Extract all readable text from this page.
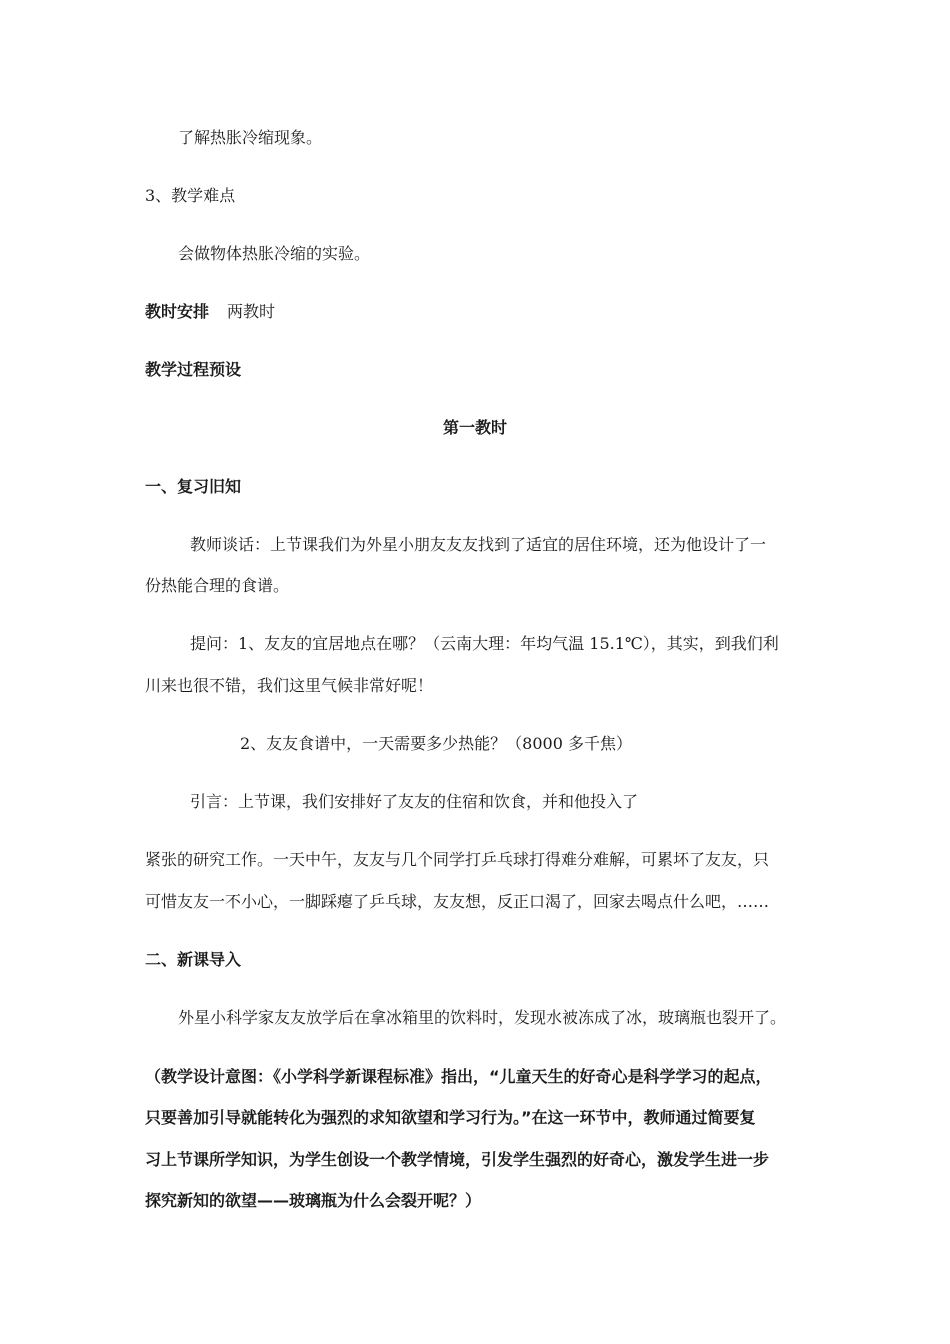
了解热胀冷缩现象。
3、教学难点
会做物体热胀冷缩的实验。
教时安排 两教时
教学过程预设
第一教时
一、复习旧知
教师谈话：上节课我们为外星小朋友友友找到了适宜的居住环境，还为他设计了一
份热能合理的食谱。
提问：1、友友的宜居地点在哪？（云南大理：年均气温 15.1℃），其实，到我们利
川来也很不错，我们这里气候非常好呢！
2、友友食谱中，一天需要多少热能？（8000 多千焦）
引言：上节课，我们安排好了友友的住宿和饮食，并和他投入了
紧张的研究工作。一天中午，友友与几个同学打乒乓球打得难分难解，可累坏了友友，只
可惜友友一不小心，一脚踩瘪了乒乓球，友友想，反正口渴了，回家去喝点什么吧，……
二、新课导入
外星小科学家友友放学后在拿冰箱里的饮料时，发现水被冻成了冰，玻璃瓶也裂开了。
（教学设计意图：《小学科学新课程标准》指出，“儿童天生的好奇心是科学学习的起点，
只要善加引导就能转化为强烈的求知欲望和学习行为。”在这一环节中，教师通过简要复
习上节课所学知识，为学生创设一个教学情境，引发学生强烈的好奇心，激发学生进一步
探究新知的欲望——玻璃瓶为什么会裂开呢？）
